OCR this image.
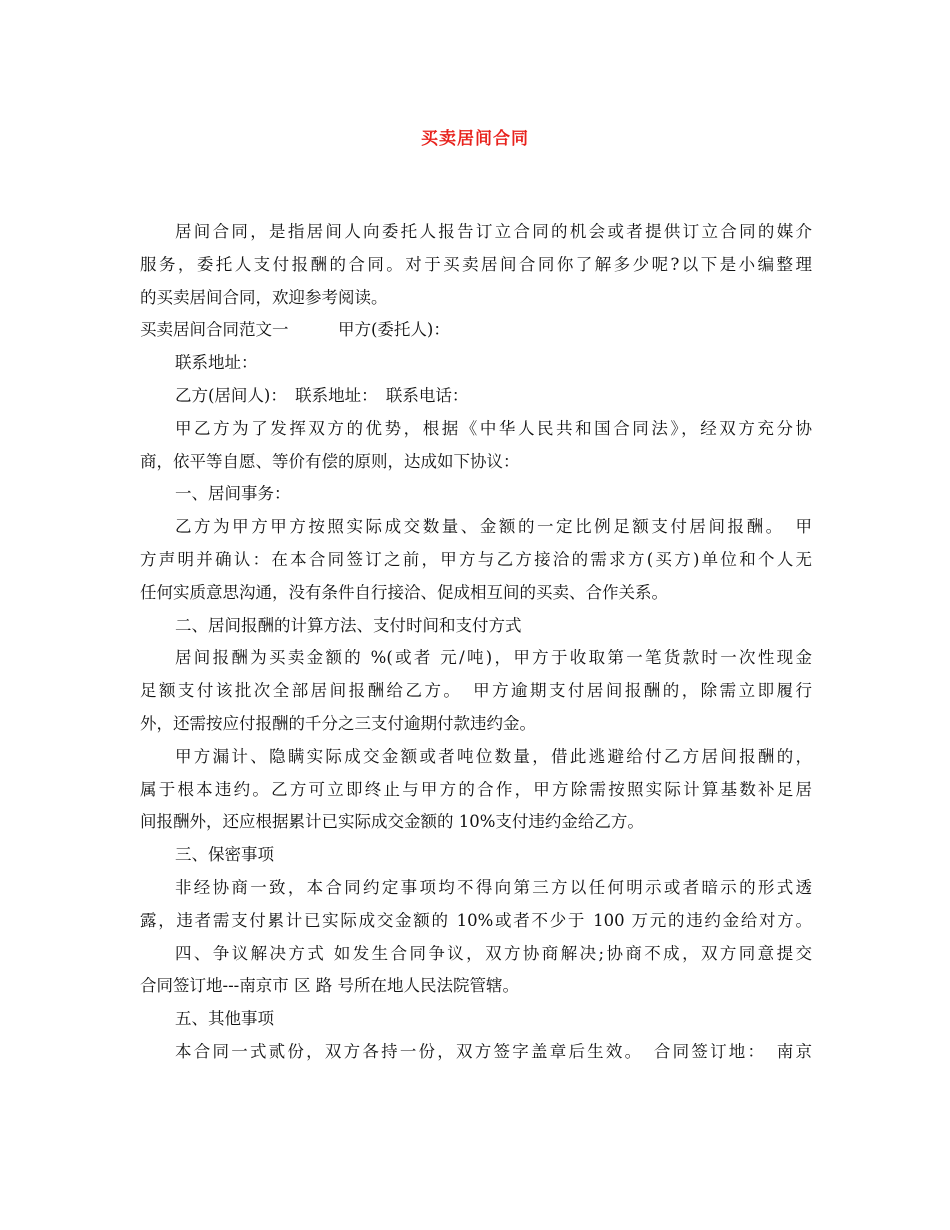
买卖居间合同
居间合同，是指居间人向委托人报告订立合同的机会或者提供订立合同的媒介
服务，委托人支付报酬的合同。对于买卖居间合同你了解多少呢?以下是小编整理
的买卖居间合同，欢迎参考阅读。
买卖居间合同范文一　　　甲方(委托人)：
联系地址：
乙方(居间人)：　联系地址：　联系电话：
甲乙方为了发挥双方的优势，根据《中华人民共和国合同法》，经双方充分协
商，依平等自愿、等价有偿的原则，达成如下协议：
一、居间事务：
乙方为甲方甲方按照实际成交数量、金额的一定比例足额支付居间报酬。　甲
方声明并确认：在本合同签订之前，甲方与乙方接洽的需求方(买方)单位和个人无
任何实质意思沟通，没有条件自行接洽、促成相互间的买卖、合作关系。
二、居间报酬的计算方法、支付时间和支付方式
居间报酬为买卖金额的 %(或者 元/吨)，甲方于收取第一笔货款时一次性现金
足额支付该批次全部居间报酬给乙方。　甲方逾期支付居间报酬的，除需立即履行
外，还需按应付报酬的千分之三支付逾期付款违约金。
甲方漏计、隐瞒实际成交金额或者吨位数量，借此逃避给付乙方居间报酬的，
属于根本违约。乙方可立即终止与甲方的合作，甲方除需按照实际计算基数补足居
间报酬外，还应根据累计已实际成交金额的 10%支付违约金给乙方。
三、保密事项
非经协商一致，本合同约定事项均不得向第三方以任何明示或者暗示的形式透
露，违者需支付累计已实际成交金额的 10%或者不少于 100 万元的违约金给对方。
四、争议解决方式 如发生合同争议，双方协商解决;协商不成，双方同意提交
合同签订地---南京市 区 路 号所在地人民法院管辖。
五、其他事项
本合同一式贰份，双方各持一份，双方签字盖章后生效。　合同签订地：　南京
